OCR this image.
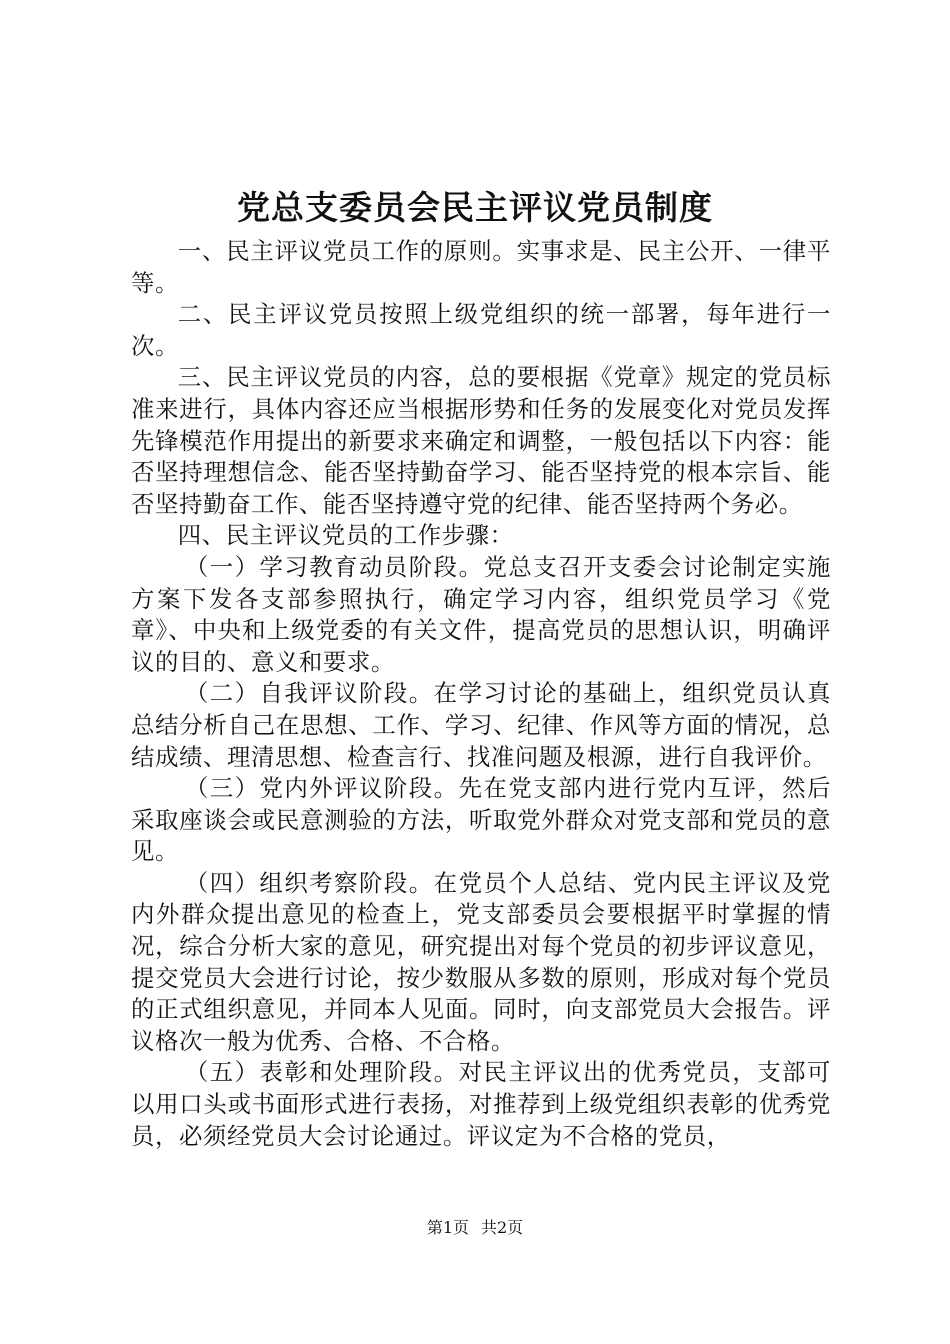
党总支委员会民主评议党员制度

一、民主评议党员工作的原则。实事求是、民主公开、一律平等。

二、民主评议党员按照上级党组织的统一部署，每年进行一次。

三、民主评议党员的内容，总的要根据《党章》规定的党员标准来进行，具体内容还应当根据形势和任务的发展变化对党员发挥先锋模范作用提出的新要求来确定和调整，一般包括以下内容：能否坚持理想信念、能否坚持勤奋学习、能否坚持党的根本宗旨、能否坚持勤奋工作、能否坚持遵守党的纪律、能否坚持两个务必。

四、民主评议党员的工作步骤：

（一）学习教育动员阶段。党总支召开支委会讨论制定实施方案下发各支部参照执行，确定学习内容，组织党员学习《党章》、中央和上级党委的有关文件，提高党员的思想认识，明确评议的目的、意义和要求。

（二）自我评议阶段。在学习讨论的基础上，组织党员认真总结分析自己在思想、工作、学习、纪律、作风等方面的情况，总结成绩、理清思想、检查言行、找准问题及根源，进行自我评价。

（三）党内外评议阶段。先在党支部内进行党内互评，然后采取座谈会或民意测验的方法，听取党外群众对党支部和党员的意见。

（四）组织考察阶段。在党员个人总结、党内民主评议及党内外群众提出意见的检查上，党支部委员会要根据平时掌握的情况，综合分析大家的意见，研究提出对每个党员的初步评议意见，提交党员大会进行讨论，按少数服从多数的原则，形成对每个党员的正式组织意见，并同本人见面。同时，向支部党员大会报告。评议格次一般为优秀、合格、不合格。

（五）表彰和处理阶段。对民主评议出的优秀党员，支部可以用口头或书面形式进行表扬，对推荐到上级党组织表彰的优秀党员，必须经党员大会讨论通过。评议定为不合格的党员，

第1页 共2页
